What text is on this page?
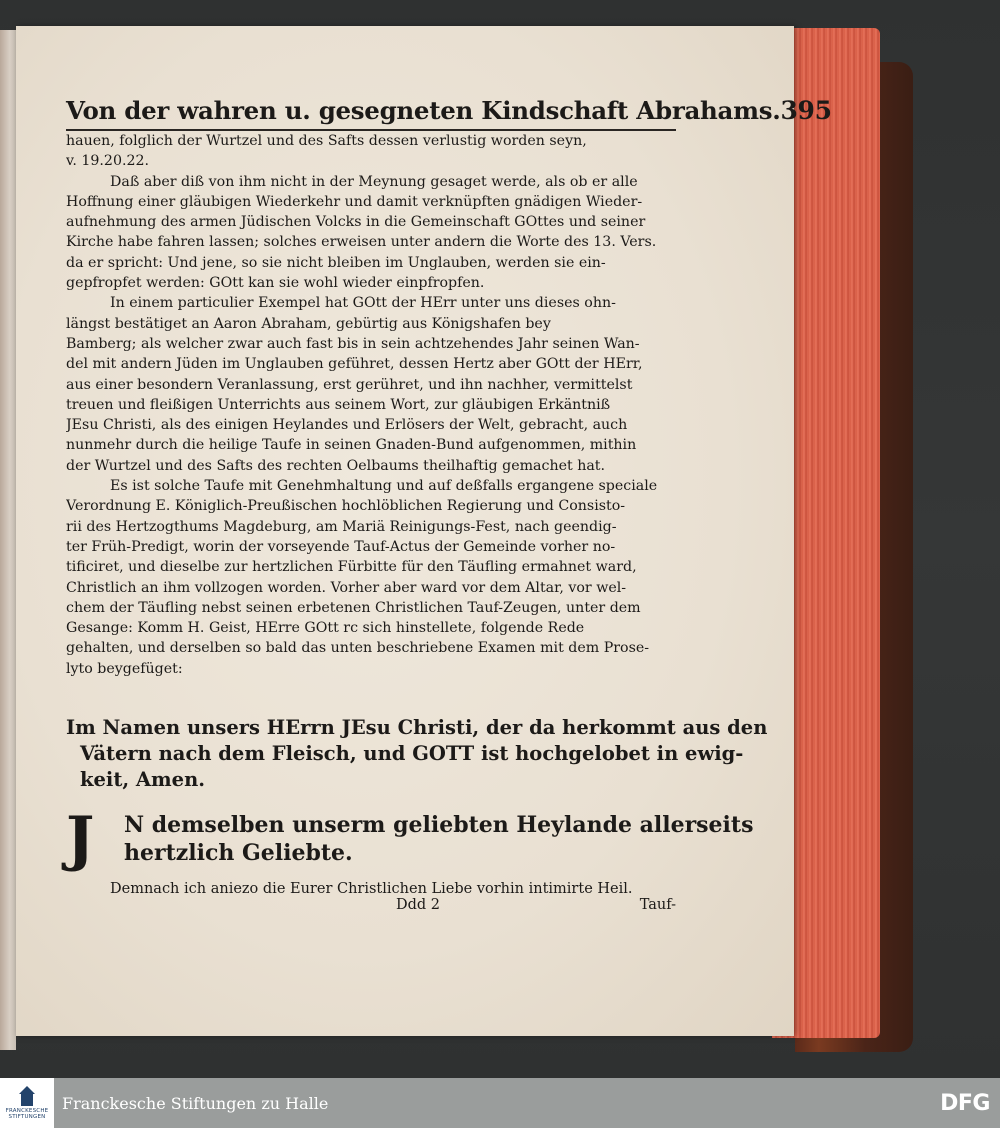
Von der wahren u. gesegneten Kindschaft Abrahams. 395

hauen, folglich der Wurtzel und des Safts dessen verlustig worden seyn,
v. 19.20.22.

Daß aber diß von ihm nicht in der Meynung gesaget werde, als ob er alle

Hoffnung einer gläubigen Wiederkehr und damit verknüpften gnädigen Wieder-
aufnehmung des armen Jüdischen Volcks in die Gemeinschaft GOttes und seiner
Kirche habe fahren lassen; solches erweisen unter andern die Worte des 13. Vers.
da er spricht: Und jene, so sie nicht bleiben im Unglauben, werden sie ein-
gepfropfet werden: GOtt kan sie wohl wieder einpfropfen.

In einem particulier Exempel hat GOtt der HErr unter uns dieses ohn-

längst bestätiget an Aaron Abraham, gebürtig aus Königshafen bey
Bamberg; als welcher zwar auch fast bis in sein achtzehendes Jahr seinen Wan-
del mit andern Jüden im Unglauben geführet, dessen Hertz aber GOtt der HErr,
aus einer besondern Veranlassung, erst gerühret, und ihn nachher, vermittelst
treuen und fleißigen Unterrichts aus seinem Wort, zur gläubigen Erkäntniß
JEsu Christi, als des einigen Heylandes und Erlösers der Welt, gebracht, auch
nunmehr durch die heilige Taufe in seinen Gnaden-Bund aufgenommen, mithin
der Wurtzel und des Safts des rechten Oelbaums theilhaftig gemachet hat.

Es ist solche Taufe mit Genehmhaltung und auf deßfalls ergangene speciale

Verordnung E. Königlich-Preußischen hochlöblichen Regierung und Consisto-
rii des Hertzogthums Magdeburg, am Mariä Reinigungs-Fest, nach geendig-
ter Früh-Predigt, worin der vorseyende Tauf-Actus der Gemeinde vorher no-
tificiret, und dieselbe zur hertzlichen Fürbitte für den Täufling ermahnet ward,
Christlich an ihm vollzogen worden. Vorher aber ward vor dem Altar, vor wel-
chem der Täufling nebst seinen erbetenen Christlichen Tauf-Zeugen, unter dem
Gesange: Komm H. Geist, HErre GOtt rc sich hinstellete, folgende Rede
gehalten, und derselben so bald das unten beschriebene Examen mit dem Prose-
lyto beygefüget:

Im Namen unsers HErrn JEsu Christi, der da herkommt aus den
Vätern nach dem Fleisch, und GOTT ist hochgelobet in ewig-
keit, Amen.
J N demselben unserm geliebten Heylande allerseits
hertzlich Geliebte.
Demnach ich aniezo die Eurer Christlichen Liebe vorhin intimirte Heil.
Ddd 2	Tauf-
FRANCKESCHE
STIFTUNGEN
Franckesche Stiftungen zu Halle	DFG
